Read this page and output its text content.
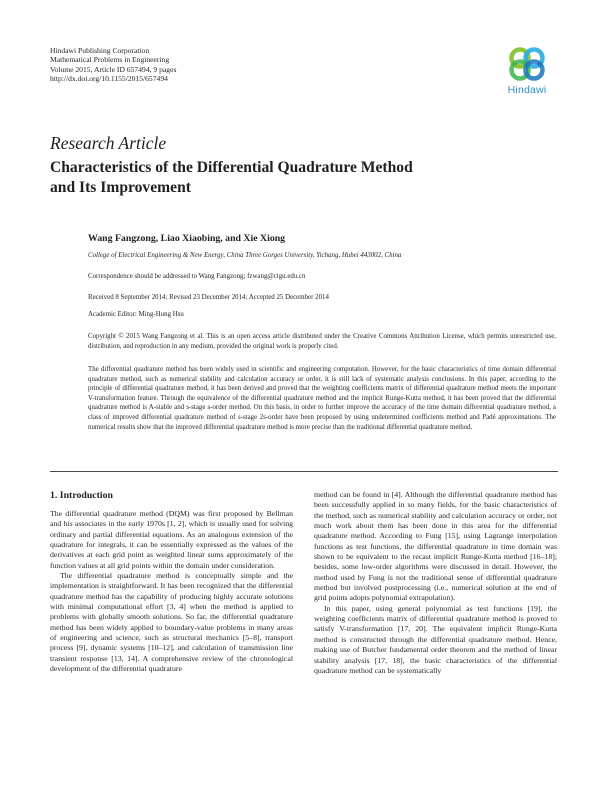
Hindawi Publishing Corporation
Mathematical Problems in Engineering
Volume 2015, Article ID 657494, 9 pages
http://dx.doi.org/10.1155/2015/657494
Hindawi
Research Article
Characteristics of the Differential Quadrature Method
and Its Improvement
Wang Fangzong, Liao Xiaobing, and Xie Xiong
College of Electrical Engineering & New Energy, China Three Gorges University, Yichang, Hubei 443002, China
Correspondence should be addressed to Wang Fangzong; fzwang@ctgu.edu.cn
Received 8 September 2014; Revised 23 December 2014; Accepted 25 December 2014
Academic Editor: Ming-Hung Hsu
Copyright © 2015 Wang Fangzong et al. This is an open access article distributed under the Creative Commons Attribution License, which permits unrestricted use, distribution, and reproduction in any medium, provided the original work is properly cited.
The differential quadrature method has been widely used in scientific and engineering computation. However, for the basic characteristics of time domain differential quadrature method, such as numerical stability and calculation accuracy or order, it is still lack of systematic analysis conclusions. In this paper, according to the principle of differential quadrature method, it has been derived and proved that the weighting coefficients matrix of differential quadrature method meets the important V-transformation feature. Through the equivalence of the differential quadrature method and the implicit Runge-Kutta method, it has been proved that the differential quadrature method is A-stable and s-stage s-order method. On this basis, in order to further improve the accuracy of the time domain differential quadrature method, a class of improved differential quadrature method of s-stage 2s-order have been proposed by using undetermined coefficients method and Padé approximations. The numerical results show that the improved differential quadrature method is more precise than the traditional differential quadrature method.
1. Introduction

The differential quadrature method (DQM) was first proposed by Bellman and his associates in the early 1970s [1, 2], which is usually used for solving ordinary and partial differential equations. As an analogous extension of the quadrature for integrals, it can be essentially expressed as the values of the derivatives at each grid point as weighted linear sums approximately of the function values at all grid points within the domain under consideration.

The differential quadrature method is conceptually simple and the implementation is straightforward. It has been recognized that the differential quadrature method has the capability of producing highly accurate solutions with minimal computational effort [3, 4] when the method is applied to problems with globally smooth solutions. So far, the differential quadrature method has been widely applied to boundary-value problems in many areas of engineering and science, such as structural mechanics [5–8], transport process [9], dynamic systems [10–12], and calculation of transmission line transient response [13, 14]. A comprehensive review of the chronological development of the differential quadrature

method can be found in [4]. Although the differential quadrature method has been successfully applied in so many fields, for the basic characteristics of the method, such as numerical stability and calculation accuracy or order, not much work about them has been done in this area for the differential quadrature method. According to Fung [15], using Lagrange interpolation functions as test functions, the differential quadrature in time domain was shown to be equivalent to the recast implicit Runge-Kutta method [16–18]; besides, some low-order algorithms were discussed in detail. However, the method used by Fung is not the traditional sense of differential quadrature method but involved postprocessing (i.e., numerical solution at the end of grid points adopts polynomial extrapolation).

In this paper, using general polynomial as test functions [19], the weighting coefficients matrix of differential quadrature method is proved to satisfy V-transformation [17, 20]. The equivalent implicit Runge-Kutta method is constructed through the differential quadrature method. Hence, making use of Butcher fundamental order theorem and the method of linear stability analysis [17, 18], the basic characteristics of the differential quadrature method can be systematically
